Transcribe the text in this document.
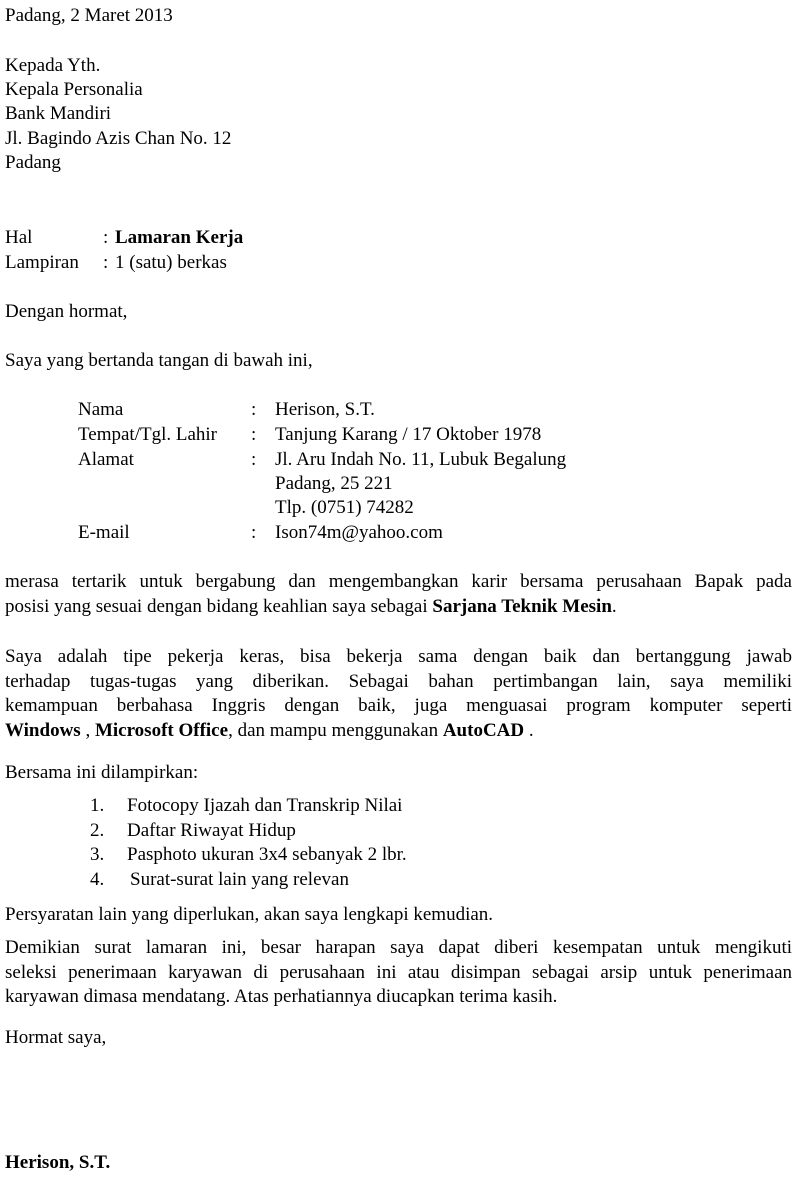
Padang, 2 Maret 2013
Kepada Yth.
Kepala Personalia
Bank Mandiri
Jl. Bagindo Azis Chan No. 12
Padang
Hal	: Lamaran Kerja
Lampiran : 1 (satu) berkas
Dengan hormat,
Saya yang bertanda tangan di bawah ini,
Nama	: Herison, S.T.
Tempat/Tgl. Lahir : Tanjung Karang / 17 Oktober 1978
Alamat	: Jl. Aru Indah No. 11, Lubuk Begalung
Padang, 25 221
Tlp. (0751) 74282
E-mail	: Ison74m@yahoo.com
merasa tertarik untuk bergabung dan mengembangkan karir bersama perusahaan Bapak pada
posisi yang sesuai dengan bidang keahlian saya sebagai Sarjana Teknik Mesin.
Saya adalah tipe pekerja keras, bisa bekerja sama dengan baik dan bertanggung jawab
terhadap tugas-tugas yang diberikan. Sebagai bahan pertimbangan lain, saya memiliki
kemampuan berbahasa Inggris dengan baik, juga menguasai program komputer seperti
Windows , Microsoft Office, dan mampu menggunakan AutoCAD .
Bersama ini dilampirkan:
1. Fotocopy Ijazah dan Transkrip Nilai
2. Daftar Riwayat Hidup
3. Pasphoto ukuran 3x4 sebanyak 2 lbr.
4. Surat-surat lain yang relevan
Persyaratan lain yang diperlukan, akan saya lengkapi kemudian.
Demikian surat lamaran ini, besar harapan saya dapat diberi kesempatan untuk mengikuti
seleksi penerimaan karyawan di perusahaan ini atau disimpan sebagai arsip untuk penerimaan
karyawan dimasa mendatang. Atas perhatiannya diucapkan terima kasih.
Hormat saya,
Herison, S.T.
